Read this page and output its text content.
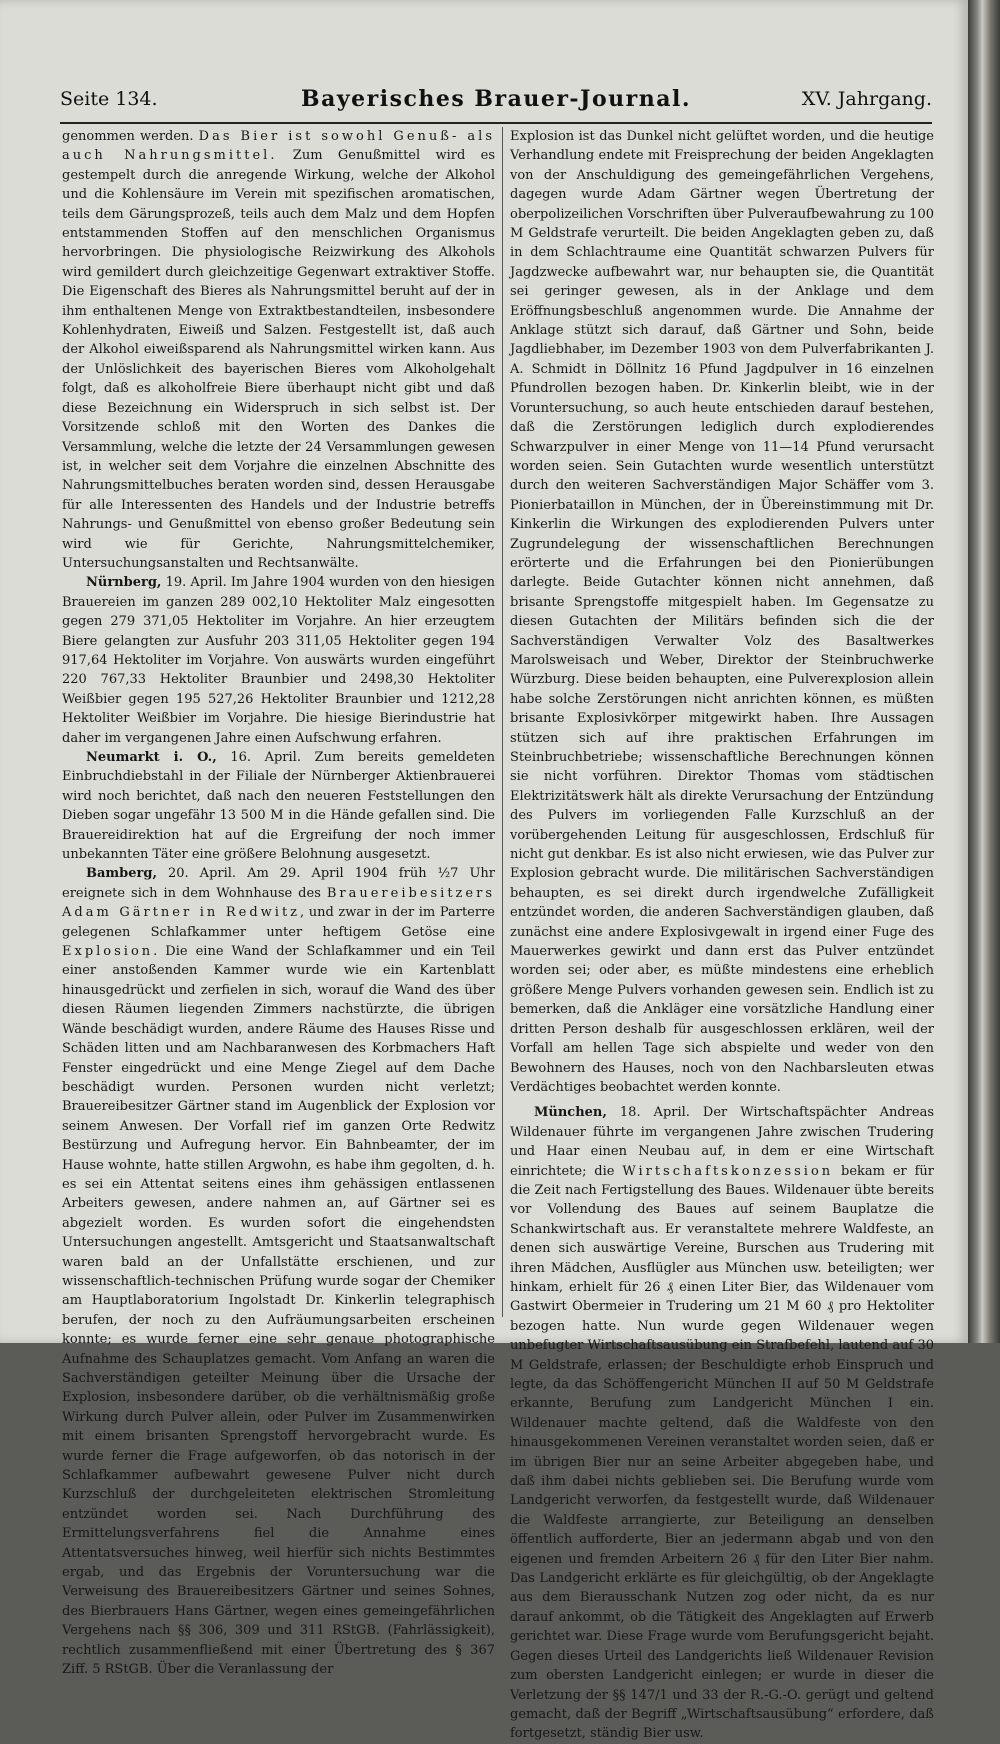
Seite 134.	Bayerisches Brauer-Journal.	XV. Jahrgang.

genommen werden. Das Bier ist sowohl Genuß- als auch Nahrungsmittel. Zum Genußmittel wird es gestempelt durch die anregende Wirkung, welche der Alkohol und die Kohlensäure im Verein mit spezifischen aromatischen, teils dem Gärungsprozeß, teils auch dem Malz und dem Hopfen entstammenden Stoffen auf den menschlichen Organismus hervorbringen. Die physiologische Reizwirkung des Alkohols wird gemildert durch gleichzeitige Gegenwart extraktiver Stoffe. Die Eigenschaft des Bieres als Nahrungsmittel beruht auf der in ihm enthaltenen Menge von Extraktbestandteilen, insbesondere Kohlenhydraten, Eiweiß und Salzen. Festgestellt ist, daß auch der Alkohol eiweißsparend als Nahrungsmittel wirken kann. Aus der Unlöslichkeit des bayerischen Bieres vom Alkoholgehalt folgt, daß es alkoholfreie Biere überhaupt nicht gibt und daß diese Bezeichnung ein Widerspruch in sich selbst ist. Der Vorsitzende schloß mit den Worten des Dankes die Versammlung, welche die letzte der 24 Versammlungen gewesen ist, in welcher seit dem Vorjahre die einzelnen Abschnitte des Nahrungsmittelbuches beraten worden sind, dessen Herausgabe für alle Interessenten des Handels und der Industrie betreffs Nahrungs- und Genußmittel von ebenso großer Bedeutung sein wird wie für Gerichte, Nahrungsmittelchemiker, Untersuchungsanstalten und Rechtsanwälte.

Nürnberg, 19. April. Im Jahre 1904 wurden von den hiesigen Brauereien im ganzen 289 002,10 Hektoliter Malz eingesotten gegen 279 371,05 Hektoliter im Vorjahre. An hier erzeugtem Biere gelangten zur Ausfuhr 203 311,05 Hektoliter gegen 194 917,64 Hektoliter im Vorjahre. Von auswärts wurden eingeführt 220 767,33 Hektoliter Braunbier und 2498,30 Hektoliter Weißbier gegen 195 527,26 Hektoliter Braunbier und 1212,28 Hektoliter Weißbier im Vorjahre. Die hiesige Bierindustrie hat daher im vergangenen Jahre einen Aufschwung erfahren.

Neumarkt i. O., 16. April. Zum bereits gemeldeten Einbruchdiebstahl in der Filiale der Nürnberger Aktienbrauerei wird noch berichtet, daß nach den neueren Feststellungen den Dieben sogar ungefähr 13 500 M in die Hände gefallen sind. Die Brauereidirektion hat auf die Ergreifung der noch immer unbekannten Täter eine größere Belohnung ausgesetzt.

Bamberg, 20. April. Am 29. April 1904 früh ½7 Uhr ereignete sich in dem Wohnhause des Brauereibesitzers Adam Gärtner in Redwitz, und zwar in der im Parterre gelegenen Schlafkammer unter heftigem Getöse eine Explosion. Die eine Wand der Schlafkammer und ein Teil einer anstoßenden Kammer wurde wie ein Kartenblatt hinausgedrückt und zerfielen in sich, worauf die Wand des über diesen Räumen liegenden Zimmers nachstürzte, die übrigen Wände beschädigt wurden, andere Räume des Hauses Risse und Schäden litten und am Nachbaranwesen des Korbmachers Haft Fenster eingedrückt und eine Menge Ziegel auf dem Dache beschädigt wurden. Personen wurden nicht verletzt; Brauereibesitzer Gärtner stand im Augenblick der Explosion vor seinem Anwesen. Der Vorfall rief im ganzen Orte Redwitz Bestürzung und Aufregung hervor. Ein Bahnbeamter, der im Hause wohnte, hatte stillen Argwohn, es habe ihm gegolten, d. h. es sei ein Attentat seitens eines ihm gehässigen entlassenen Arbeiters gewesen, andere nahmen an, auf Gärtner sei es abgezielt worden. Es wurden sofort die eingehendsten Untersuchungen angestellt. Amtsgericht und Staatsanwaltschaft waren bald an der Unfallstätte erschienen, und zur wissenschaftlich-technischen Prüfung wurde sogar der Chemiker am Hauptlaboratorium Ingolstadt Dr. Kinkerlin telegraphisch berufen, der noch zu den Aufräumungsarbeiten erscheinen konnte; es wurde ferner eine sehr genaue photographische Aufnahme des Schauplatzes gemacht. Vom Anfang an waren die Sachverständigen geteilter Meinung über die Ursache der Explosion, insbesondere darüber, ob die verhältnismäßig große Wirkung durch Pulver allein, oder Pulver im Zusammenwirken mit einem brisanten Sprengstoff hervorgebracht wurde. Es wurde ferner die Frage aufgeworfen, ob das notorisch in der Schlafkammer aufbewahrt gewesene Pulver nicht durch Kurzschluß der durchgeleiteten elektrischen Stromleitung entzündet worden sei. Nach Durchführung des Ermittelungsverfahrens fiel die Annahme eines Attentatsversuches hinweg, weil hierfür sich nichts Bestimmtes ergab, und das Ergebnis der Voruntersuchung war die Verweisung des Brauereibesitzers Gärtner und seines Sohnes, des Bierbrauers Hans Gärtner, wegen eines gemeingefährlichen Vergehens nach §§ 306, 309 und 311 RStGB. (Fahrlässigkeit), rechtlich zusammenfließend mit einer Übertretung des § 367 Ziff. 5 RStGB. Über die Veranlassung der

Explosion ist das Dunkel nicht gelüftet worden, und die heutige Verhandlung endete mit Freisprechung der beiden Angeklagten von der Anschuldigung des gemeingefährlichen Vergehens, dagegen wurde Adam Gärtner wegen Übertretung der oberpolizeilichen Vorschriften über Pulveraufbewahrung zu 100 M Geldstrafe verurteilt. Die beiden Angeklagten geben zu, daß in dem Schlachtraume eine Quantität schwarzen Pulvers für Jagdzwecke aufbewahrt war, nur behaupten sie, die Quantität sei geringer gewesen, als in der Anklage und dem Eröffnungsbeschluß angenommen wurde. Die Annahme der Anklage stützt sich darauf, daß Gärtner und Sohn, beide Jagdliebhaber, im Dezember 1903 von dem Pulverfabrikanten J. A. Schmidt in Döllnitz 16 Pfund Jagdpulver in 16 einzelnen Pfundrollen bezogen haben. Dr. Kinkerlin bleibt, wie in der Voruntersuchung, so auch heute entschieden darauf bestehen, daß die Zerstörungen lediglich durch explodierendes Schwarzpulver in einer Menge von 11—14 Pfund verursacht worden seien. Sein Gutachten wurde wesentlich unterstützt durch den weiteren Sachverständigen Major Schäffer vom 3. Pionierbataillon in München, der in Übereinstimmung mit Dr. Kinkerlin die Wirkungen des explodierenden Pulvers unter Zugrundelegung der wissenschaftlichen Berechnungen erörterte und die Erfahrungen bei den Pionierübungen darlegte. Beide Gutachter können nicht annehmen, daß brisante Sprengstoffe mitgespielt haben. Im Gegensatze zu diesen Gutachten der Militärs befinden sich die der Sachverständigen Verwalter Volz des Basaltwerkes Marolsweisach und Weber, Direktor der Steinbruchwerke Würzburg. Diese beiden behaupten, eine Pulverexplosion allein habe solche Zerstörungen nicht anrichten können, es müßten brisante Explosivkörper mitgewirkt haben. Ihre Aussagen stützen sich auf ihre praktischen Erfahrungen im Steinbruchbetriebe; wissenschaftliche Berechnungen können sie nicht vorführen. Direktor Thomas vom städtischen Elektrizitätswerk hält als direkte Verursachung der Entzündung des Pulvers im vorliegenden Falle Kurzschluß an der vorübergehenden Leitung für ausgeschlossen, Erdschluß für nicht gut denkbar. Es ist also nicht erwiesen, wie das Pulver zur Explosion gebracht wurde. Die militärischen Sachverständigen behaupten, es sei direkt durch irgendwelche Zufälligkeit entzündet worden, die anderen Sachverständigen glauben, daß zunächst eine andere Explosivgewalt in irgend einer Fuge des Mauerwerkes gewirkt und dann erst das Pulver entzündet worden sei; oder aber, es müßte mindestens eine erheblich größere Menge Pulvers vorhanden gewesen sein. Endlich ist zu bemerken, daß die Ankläger eine vorsätzliche Handlung einer dritten Person deshalb für ausgeschlossen erklären, weil der Vorfall am hellen Tage sich abspielte und weder von den Bewohnern des Hauses, noch von den Nachbarsleuten etwas Verdächtiges beobachtet werden konnte.

München, 18. April. Der Wirtschaftspächter Andreas Wildenauer führte im vergangenen Jahre zwischen Trudering und Haar einen Neubau auf, in dem er eine Wirtschaft einrichtete; die Wirtschaftskonzession bekam er für die Zeit nach Fertigstellung des Baues. Wildenauer übte bereits vor Vollendung des Baues auf seinem Bauplatze die Schankwirtschaft aus. Er veranstaltete mehrere Waldfeste, an denen sich auswärtige Vereine, Burschen aus Trudering mit ihren Mädchen, Ausflügler aus München usw. beteiligten; wer hinkam, erhielt für 26 ₰ einen Liter Bier, das Wildenauer vom Gastwirt Obermeier in Trudering um 21 M 60 ₰ pro Hektoliter bezogen hatte. Nun wurde gegen Wildenauer wegen unbefugter Wirtschaftsausübung ein Strafbefehl, lautend auf 30 M Geldstrafe, erlassen; der Beschuldigte erhob Einspruch und legte, da das Schöffengericht München II auf 50 M Geldstrafe erkannte, Berufung zum Landgericht München I ein. Wildenauer machte geltend, daß die Waldfeste von den hinausgekommenen Vereinen veranstaltet worden seien, daß er im übrigen Bier nur an seine Arbeiter abgegeben habe, und daß ihm dabei nichts geblieben sei. Die Berufung wurde vom Landgericht verworfen, da festgestellt wurde, daß Wildenauer die Waldfeste arrangierte, zur Beteiligung an denselben öffentlich aufforderte, Bier an jedermann abgab und von den eigenen und fremden Arbeitern 26 ₰ für den Liter Bier nahm. Das Landgericht erklärte es für gleichgültig, ob der Angeklagte aus dem Bierausschank Nutzen zog oder nicht, da es nur darauf ankommt, ob die Tätigkeit des Angeklagten auf Erwerb gerichtet war. Diese Frage wurde vom Berufungsgericht bejaht. Gegen dieses Urteil des Landgerichts ließ Wildenauer Revision zum obersten Landgericht einlegen; er wurde in dieser die Verletzung der §§ 147/1 und 33 der R.-G.-O. gerügt und geltend gemacht, daß der Begriff „Wirtschaftsausübung“ erfordere, daß fortgesetzt, ständig Bier usw.
